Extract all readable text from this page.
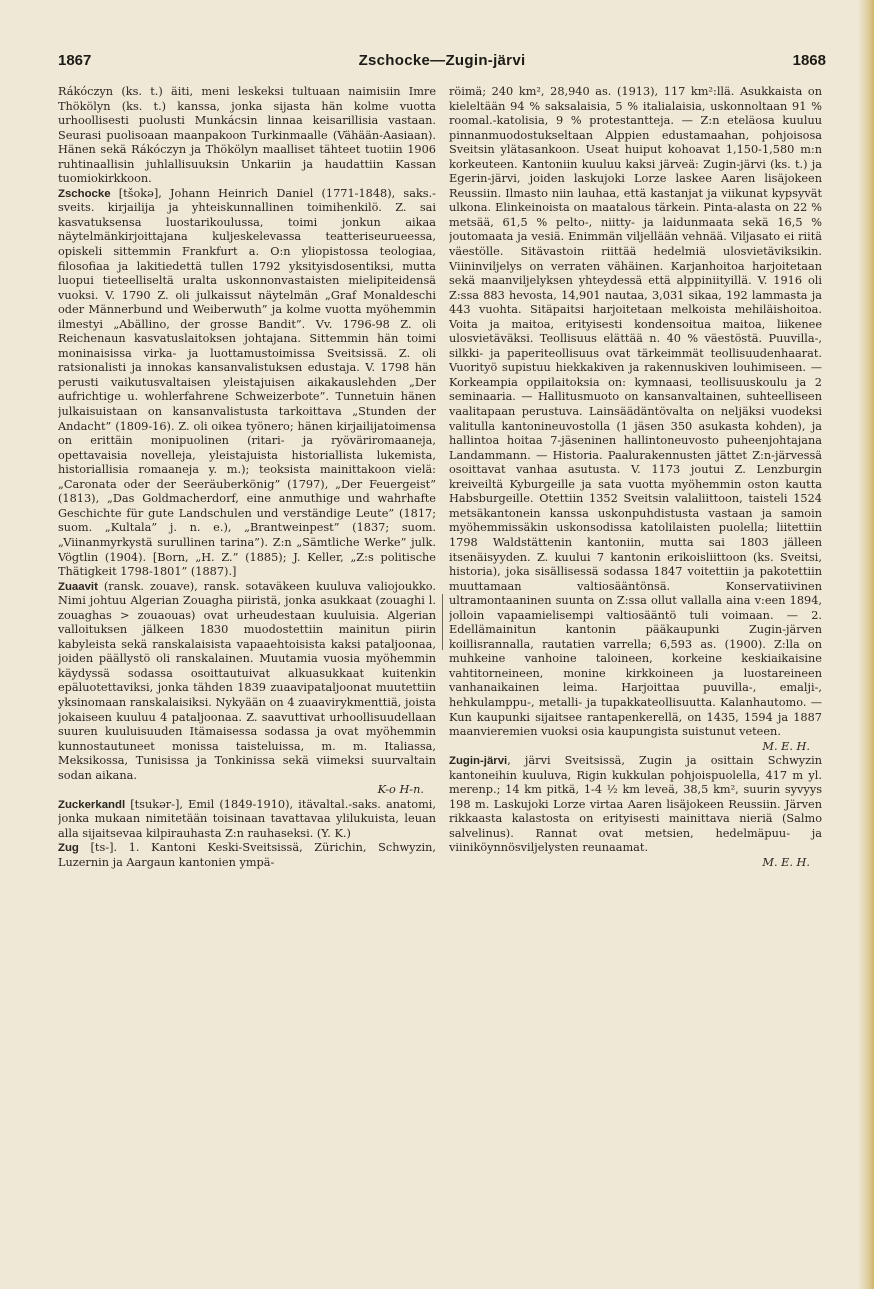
1867	Zschocke—Zugin-järvi	1868

Rákóczyn (ks. t.) äiti, meni leskeksi tultuaan naimisiin Imre Thökölyn (ks. t.) kanssa, jonka sijasta hän kolme vuotta urhoollisesti puolusti Munkácsin linnaa keisarillisia vastaan. Seurasi puolisoaan maanpakoon Turkinmaalle (Vähään-Aasiaan). Hänen sekä Rákóczyn ja Thökölyn maalliset tähteet tuotiin 1906 ruhtinaallisin juhlallisuuksin Unkariin ja haudattiin Kassan tuomiokirkkoon.

Zschocke [tšokə], Johann Heinrich Daniel (1771-1848), saks.-sveits. kirjailija ja yhteiskunnallinen toimihenkilö. Z. sai kasvatuksensa luostarikoulussa, toimi jonkun aikaa näytelmänkirjoittajana kuljeskelevassa teatteriseurueessa, opiskeli sittemmin Frankfurt a. O:n yliopistossa teologiaa, filosofiaa ja lakitiedettä tullen 1792 yksityisdosentiksi, mutta luopui tieteelliseltä uralta uskonnonvastaisten mielipiteidensä vuoksi. V. 1790 Z. oli julkaissut näytelmän „Graf Monaldeschi oder Männerbund und Weiberwuth” ja kolme vuotta myöhemmin ilmestyi „Abällino, der grosse Bandit”. Vv. 1796-98 Z. oli Reichenaun kasvatuslaitoksen johtajana. Sittemmin hän toimi moninaisissa virka- ja luottamustoimissa Sveitsissä. Z. oli ratsionalisti ja innokas kansanvalistuksen edustaja. V. 1798 hän perusti vaikutusvaltaisen yleistajuisen aikakauslehden „Der aufrichtige u. wohlerfahrene Schweizerbote”. Tunnetuin hänen julkaisuistaan on kansanvalistusta tarkoittava „Stunden der Andacht” (1809-16). Z. oli oikea työnero; hänen kirjailijatoimensa on erittäin monipuolinen (ritari- ja ryöväriromaaneja, opettavaisia novelleja, yleistajuista historiallista lukemista, historiallisia romaaneja y. m.); teoksista mainittakoon vielä: „Caronata oder der Seeräuberkönig” (1797), „Der Feuergeist” (1813), „Das Goldmacherdorf, eine anmuthige und wahrhafte Geschichte für gute Landschulen und verständige Leute” (1817; suom. „Kultala” j. n. e.), „Brantweinpest” (1837; suom. „Viinanmyrkystä surullinen tarina”). Z:n „Sämtliche Werke” julk. Vögtlin (1904). [Born, „H. Z.” (1885); J. Keller, „Z:s politische Thätigkeit 1798-1801” (1887).]

Zuaavit (ransk. zouave), ransk. sotaväkeen kuuluva valiojoukko. Nimi johtuu Algerian Zouagha piiristä, jonka asukkaat (zouaghi l. zouaghas > zouaouas) ovat urheudestaan kuuluisia. Algerian valloituksen jälkeen 1830 muodostettiin mainitun piirin kabyleista sekä ranskalaisista vapaaehtoisista kaksi pataljoonaa, joiden päällystö oli ranskalainen. Muutamia vuosia myöhemmin käydyssä sodassa osoittautuivat alkuasukkaat kuitenkin epäluotettaviksi, jonka tähden 1839 zuaavipataljoonat muutettiin yksinomaan ranskalaisiksi. Nykyään on 4 zuaavirykmenttiä, joista jokaiseen kuuluu 4 pataljoonaa. Z. saavuttivat urhoollisuudellaan suuren kuuluisuuden Itämaisessa sodassa ja ovat myöhemmin kunnostautuneet monissa taisteluissa, m. m. Italiassa, Meksikossa, Tunisissa ja Tonkinissa sekä viimeksi suurvaltain sodan aikana.

K-o H-n.

Zuckerkandl [tsukər-], Emil (1849-1910), itävaltal.-saks. anatomi, jonka mukaan nimitetään toisinaan tavattavaa ylilukuista, leuan alla sijaitsevaa kilpirauhasta Z:n rauhaseksi. (Y. K.)

Zug [ts-]. 1. Kantoni Keski-Sveitsissä, Zürichin, Schwyzin, Luzernin ja Aargaun kantonien ympä-

röimä; 240 km², 28,940 as. (1913), 117 km²:llä. Asukkaista on kieleltään 94 % saksalaisia, 5 % italialaisia, uskonnoltaan 91 % roomal.-katolisia, 9 % protestantteja. — Z:n eteläosa kuuluu pinnanmuodostukseltaan Alppien edustamaahan, pohjoisosa Sveitsin ylätasankoon. Useat huiput kohoavat 1,150-1,580 m:n korkeuteen. Kantoniin kuuluu kaksi järveä: Zugin-järvi (ks. t.) ja Egerin-järvi, joiden laskujoki Lorze laskee Aaren lisäjokeen Reussiin. Ilmasto niin lauhaa, että kastanjat ja viikunat kypsyvät ulkona. Elinkeinoista on maatalous tärkein. Pinta-alasta on 22 % metsää, 61,5 % pelto-, niitty- ja laidunmaata sekä 16,5 % joutomaata ja vesiä. Enimmän viljellään vehnää. Viljasato ei riitä väestölle. Sitävastoin riittää hedelmiä ulosvietäviksikin. Viininviljelys on verraten vähäinen. Karjanhoitoa harjoitetaan sekä maanviljelyksen yhteydessä että alppiniityillä. V. 1916 oli Z:ssa 883 hevosta, 14,901 nautaa, 3,031 sikaa, 192 lammasta ja 443 vuohta. Sitäpaitsi harjoitetaan melkoista mehiläishoitoa. Voita ja maitoa, erityisesti kondensoitua maitoa, liikenee ulosvietäväksi. Teollisuus elättää n. 40 % väestöstä. Puuvilla-, silkki- ja paperiteollisuus ovat tärkeimmät teollisuudenhaarat. Vuorityö supistuu hiekkakiven ja rakennuskiven louhimiseen. — Korkeampia oppilaitoksia on: kymnaasi, teollisuuskoulu ja 2 seminaaria. — Hallitusmuoto on kansanvaltainen, suhteelliseen vaalitapaan perustuva. Lainsäädäntövalta on neljäksi vuodeksi valitulla kantonineuvostolla (1 jäsen 350 asukasta kohden), ja hallintoa hoitaa 7-jäseninen hallintoneuvosto puheenjohtajana Landammann. — Historia. Paalurakennusten jättet Z:n-järvessä osoittavat vanhaa asutusta. V. 1173 joutui Z. Lenzburgin kreiveiltä Kyburgeille ja sata vuotta myöhemmin oston kautta Habsburgeille. Otettiin 1352 Sveitsin valaliittoon, taisteli 1524 metsäkantonein kanssa uskonpuhdistusta vastaan ja samoin myöhemmissäkin uskonsodissa katolilaisten puolella; liitettiin 1798 Waldstättenin kantoniin, mutta sai 1803 jälleen itsenäisyyden. Z. kuului 7 kantonin erikoisliittoon (ks. Sveitsi, historia), joka sisällisessä sodassa 1847 voitettiin ja pakotettiin muuttamaan valtiosääntönsä. Konservatiivinen ultramontaaninen suunta on Z:ssa ollut vallalla aina v:een 1894, jolloin vapaamielisempi valtiosääntö tuli voimaan. — 2. Edellämainitun kantonin pääkaupunki Zugin-järven koillisrannalla, rautatien varrella; 6,593 as. (1900). Z:lla on muhkeine vanhoine taloineen, korkeine keskiaikaisine vahtitorneineen, monine kirkkoineen ja luostareineen vanhanaikainen leima. Harjoittaa puuvilla-, emalji-, hehkulamppu-, metalli- ja tupakkateollisuutta. Kalanhautomo. — Kun kaupunki sijaitsee rantapenkerellä, on 1435, 1594 ja 1887 maanvieremien vuoksi osia kaupungista suistunut veteen.

M. E. H.

Zugin-järvi, järvi Sveitsissä, Zugin ja osittain Schwyzin kantoneihin kuuluva, Rigin kukkulan pohjoispuolella, 417 m yl. merenp.; 14 km pitkä, 1-4 ½ km leveä, 38,5 km², suurin syvyys 198 m. Laskujoki Lorze virtaa Aaren lisäjokeen Reussiin. Järven rikkaasta kalastosta on erityisesti mainittava nieriä (Salmo salvelinus). Rannat ovat metsien, hedelmäpuu- ja viiniköynnösviljelysten reunaamat.

M. E. H.
